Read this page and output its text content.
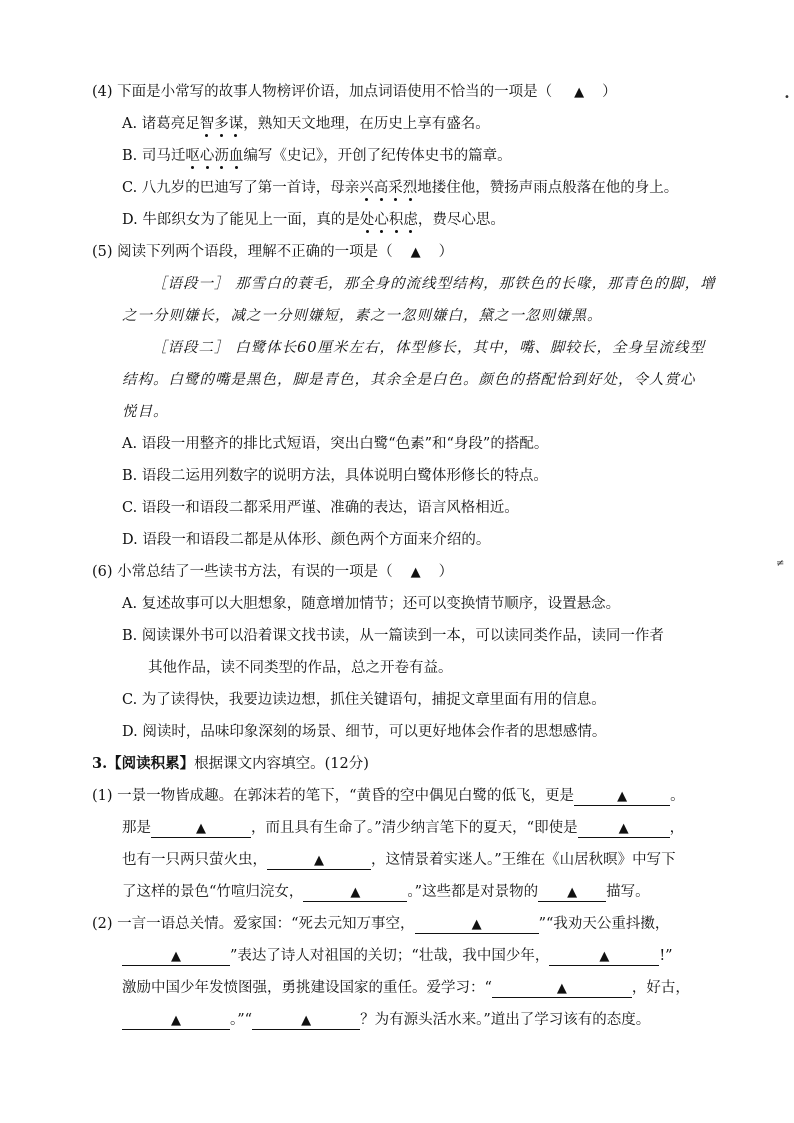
(4) 下面是小常写的故事人物榜评价语，加点词语使用不恰当的一项是（ ▲ ）
A. 诸葛亮足智多谋，熟知天文地理，在历史上享有盛名。
B. 司马迁呕心沥血编写《史记》，开创了纪传体史书的篇章。
C. 八九岁的巴迪写了第一首诗，母亲兴高采烈地搂住他，赞扬声雨点般落在他的身上。
D. 牛郎织女为了能见上一面，真的是处心积虑，费尽心思。
(5) 阅读下列两个语段，理解不正确的一项是（ ▲ ）
［语段一］ 那雪白的蓑毛，那全身的流线型结构，那铁色的长喙，那青色的脚，增
之一分则嫌长，减之一分则嫌短，素之一忽则嫌白，黛之一忽则嫌黑。
［语段二］ 白鹭体长60厘米左右，体型修长，其中，嘴、脚较长，全身呈流线型
结构。白鹭的嘴是黑色，脚是青色，其余全是白色。颜色的搭配恰到好处，令人赏心
悦目。
A. 语段一用整齐的排比式短语，突出白鹭“色素”和“身段”的搭配。
B. 语段二运用列数字的说明方法，具体说明白鹭体形修长的特点。
C. 语段一和语段二都采用严谨、准确的表达，语言风格相近。
D. 语段一和语段二都是从体形、颜色两个方面来介绍的。
(6) 小常总结了一些读书方法，有误的一项是（ ▲ ）
A. 复述故事可以大胆想象，随意增加情节；还可以变换情节顺序，设置悬念。
B. 阅读课外书可以沿着课文找书读，从一篇读到一本，可以读同类作品，读同一作者
其他作品，读不同类型的作品，总之开卷有益。
C. 为了读得快，我要边读边想，抓住关键语句，捕捉文章里面有用的信息。
D. 阅读时，品味印象深刻的场景、细节，可以更好地体会作者的思想感情。
3.【阅读积累】根据课文内容填空。(12分)
(1) 一景一物皆成趣。在郭沫若的笔下，“黄昏的空中偶见白鹭的低飞，更是	▲	。
那是	▲	，而且具有生命了。”清少纳言笔下的夏天，“即使是	▲	，
也有一只两只萤火虫，	▲	，这情景着实迷人。”王维在《山居秋暝》中写下
了这样的景色“竹喧归浣女，	▲	。”这些都是对景物的 ▲ 描写。
(2) 一言一语总关情。爱家国：“死去元知万事空，	▲	”“我劝天公重抖擞，
▲	”表达了诗人对祖国的关切；“壮哉，我中国少年，	▲	!”
激励中国少年发愤图强，勇挑建设国家的重任。爱学习：“	▲	，好古，
▲	。”“	▲	？为有源头活水来。”道出了学习该有的态度。
•
≠
